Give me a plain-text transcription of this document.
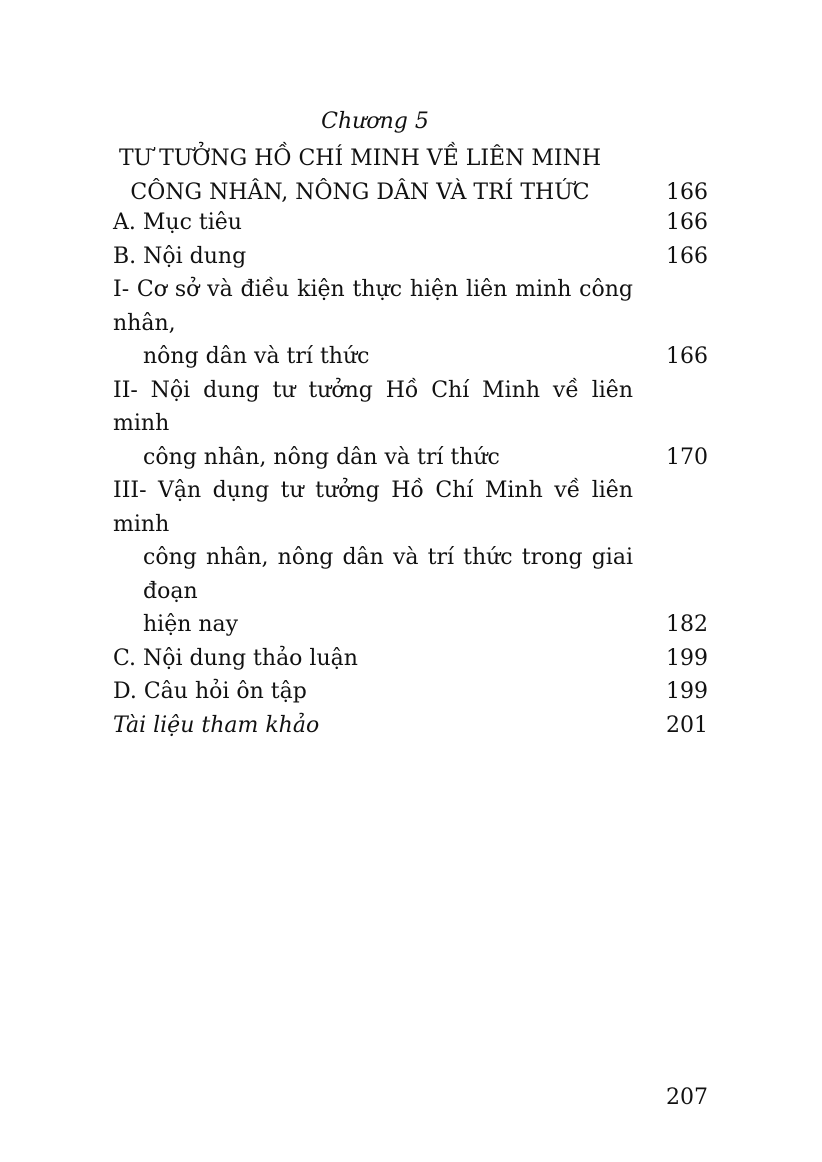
Chương 5
TƯ TƯỞNG HỒ CHÍ MINH VỀ LIÊN MINH
CÔNG NHÂN, NÔNG DÂN VÀ TRÍ THỨC	166
A. Mục tiêu	166
B. Nội dung	166
I- Cơ sở và điều kiện thực hiện liên minh công nhân,
nông dân và trí thức	166
II- Nội dung tư tưởng Hồ Chí Minh về liên minh
công nhân, nông dân và trí thức	170
III- Vận dụng tư tưởng Hồ Chí Minh về liên minh
công nhân, nông dân và trí thức trong giai đoạn
hiện nay	182
C. Nội dung thảo luận	199
D. Câu hỏi ôn tập	199
Tài liệu tham khảo	201
207
